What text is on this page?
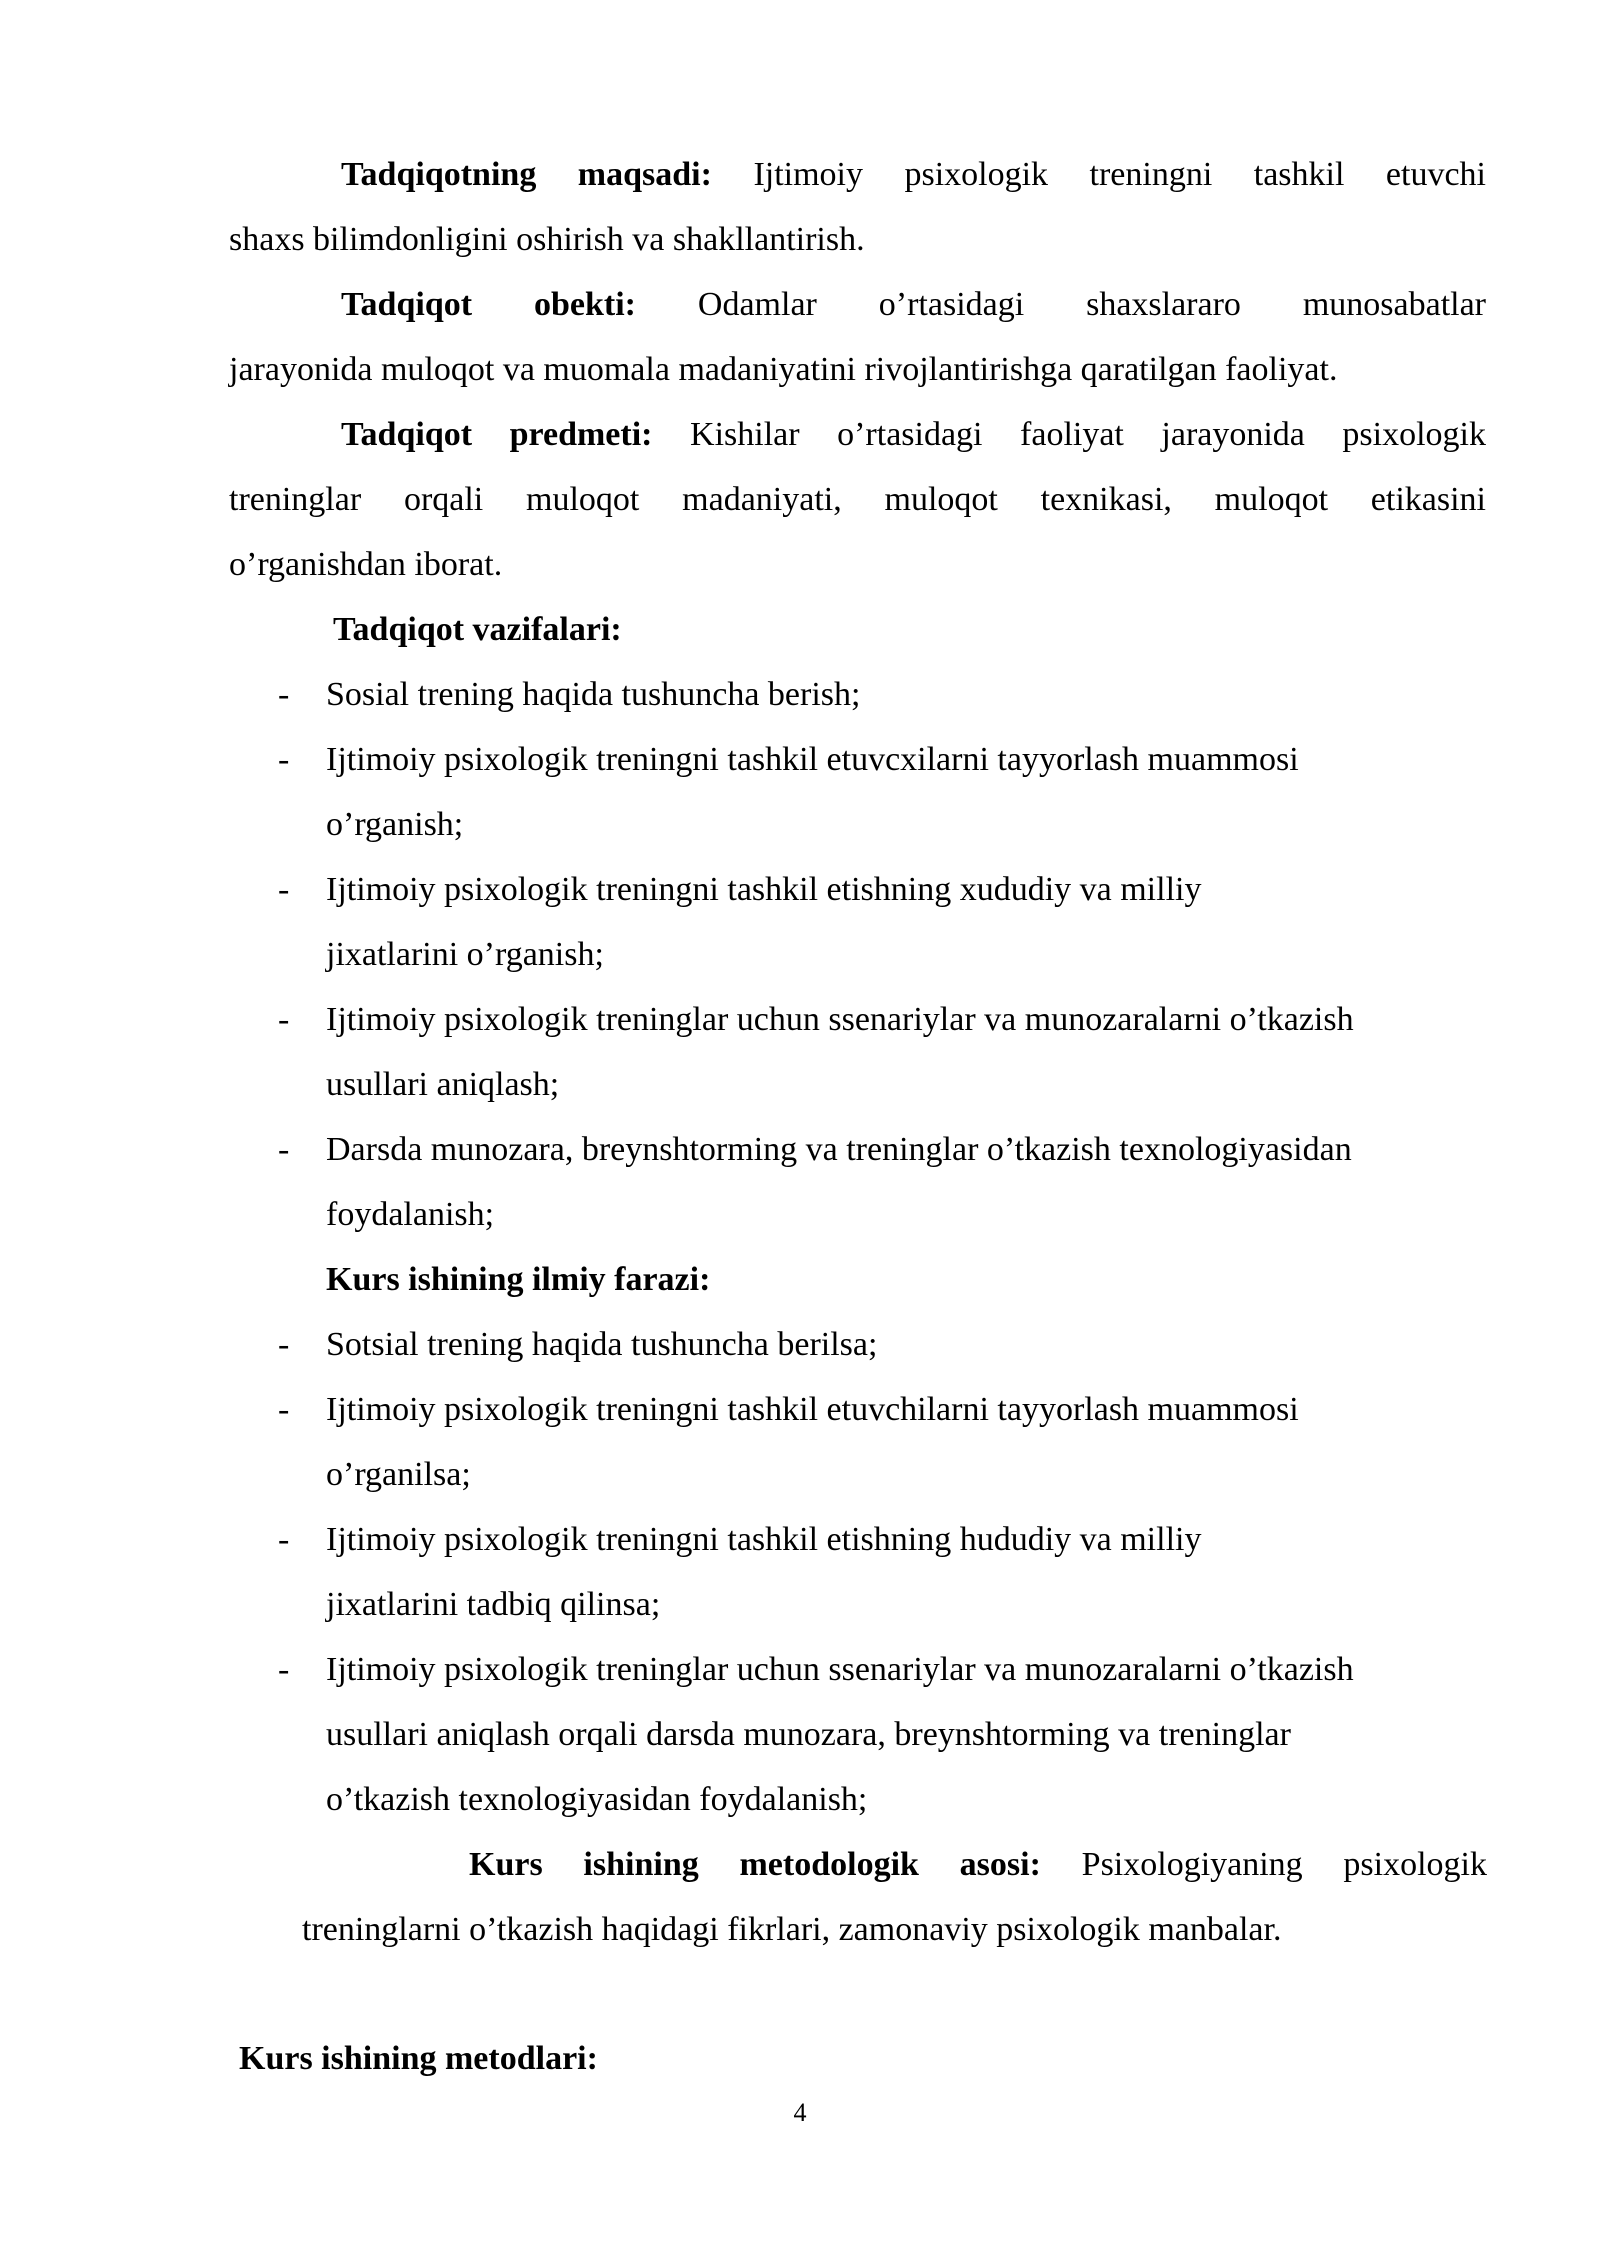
Tadqiqotning maqsadi: Ijtimoiy psixologik treningni tashkil etuvchi
shaxs bilimdonligini oshirish va shakllantirish.
Tadqiqot obekti: Odamlar o’rtasidagi shaxslararo munosabatlar
jarayonida muloqot va muomala madaniyatini rivojlantirishga qaratilgan faoliyat.
Tadqiqot predmeti: Kishilar o’rtasidagi faoliyat jarayonida psixologik
treninglar orqali muloqot madaniyati, muloqot texnikasi, muloqot etikasini
o’rganishdan iborat.
Tadqiqot vazifalari:
- Sosial trening haqida tushuncha berish;
- Ijtimoiy psixologik treningni tashkil etuvcxilarni tayyorlash muammosi
o’rganish;
- Ijtimoiy psixologik treningni tashkil etishning xududiy va milliy
jixatlarini o’rganish;
- Ijtimoiy psixologik treninglar uchun ssenariylar va munozaralarni o’tkazish
usullari aniqlash;
- Darsda munozara, breynshtorming va treninglar o’tkazish texnologiyasidan
foydalanish;
Kurs ishining ilmiy farazi:
- Sotsial trening haqida tushuncha berilsa;
- Ijtimoiy psixologik treningni tashkil etuvchilarni tayyorlash muammosi
o’rganilsa;
- Ijtimoiy psixologik treningni tashkil etishning hududiy va milliy
jixatlarini tadbiq qilinsa;
- Ijtimoiy psixologik treninglar uchun ssenariylar va munozaralarni o’tkazish
usullari aniqlash orqali darsda munozara, breynshtorming va treninglar
o’tkazish texnologiyasidan foydalanish;
Kurs ishining metodologik asosi: Psixologiyaning psixologik
treninglarni o’tkazish haqidagi fikrlari, zamonaviy psixologik manbalar.
Kurs ishining metodlari:
4
